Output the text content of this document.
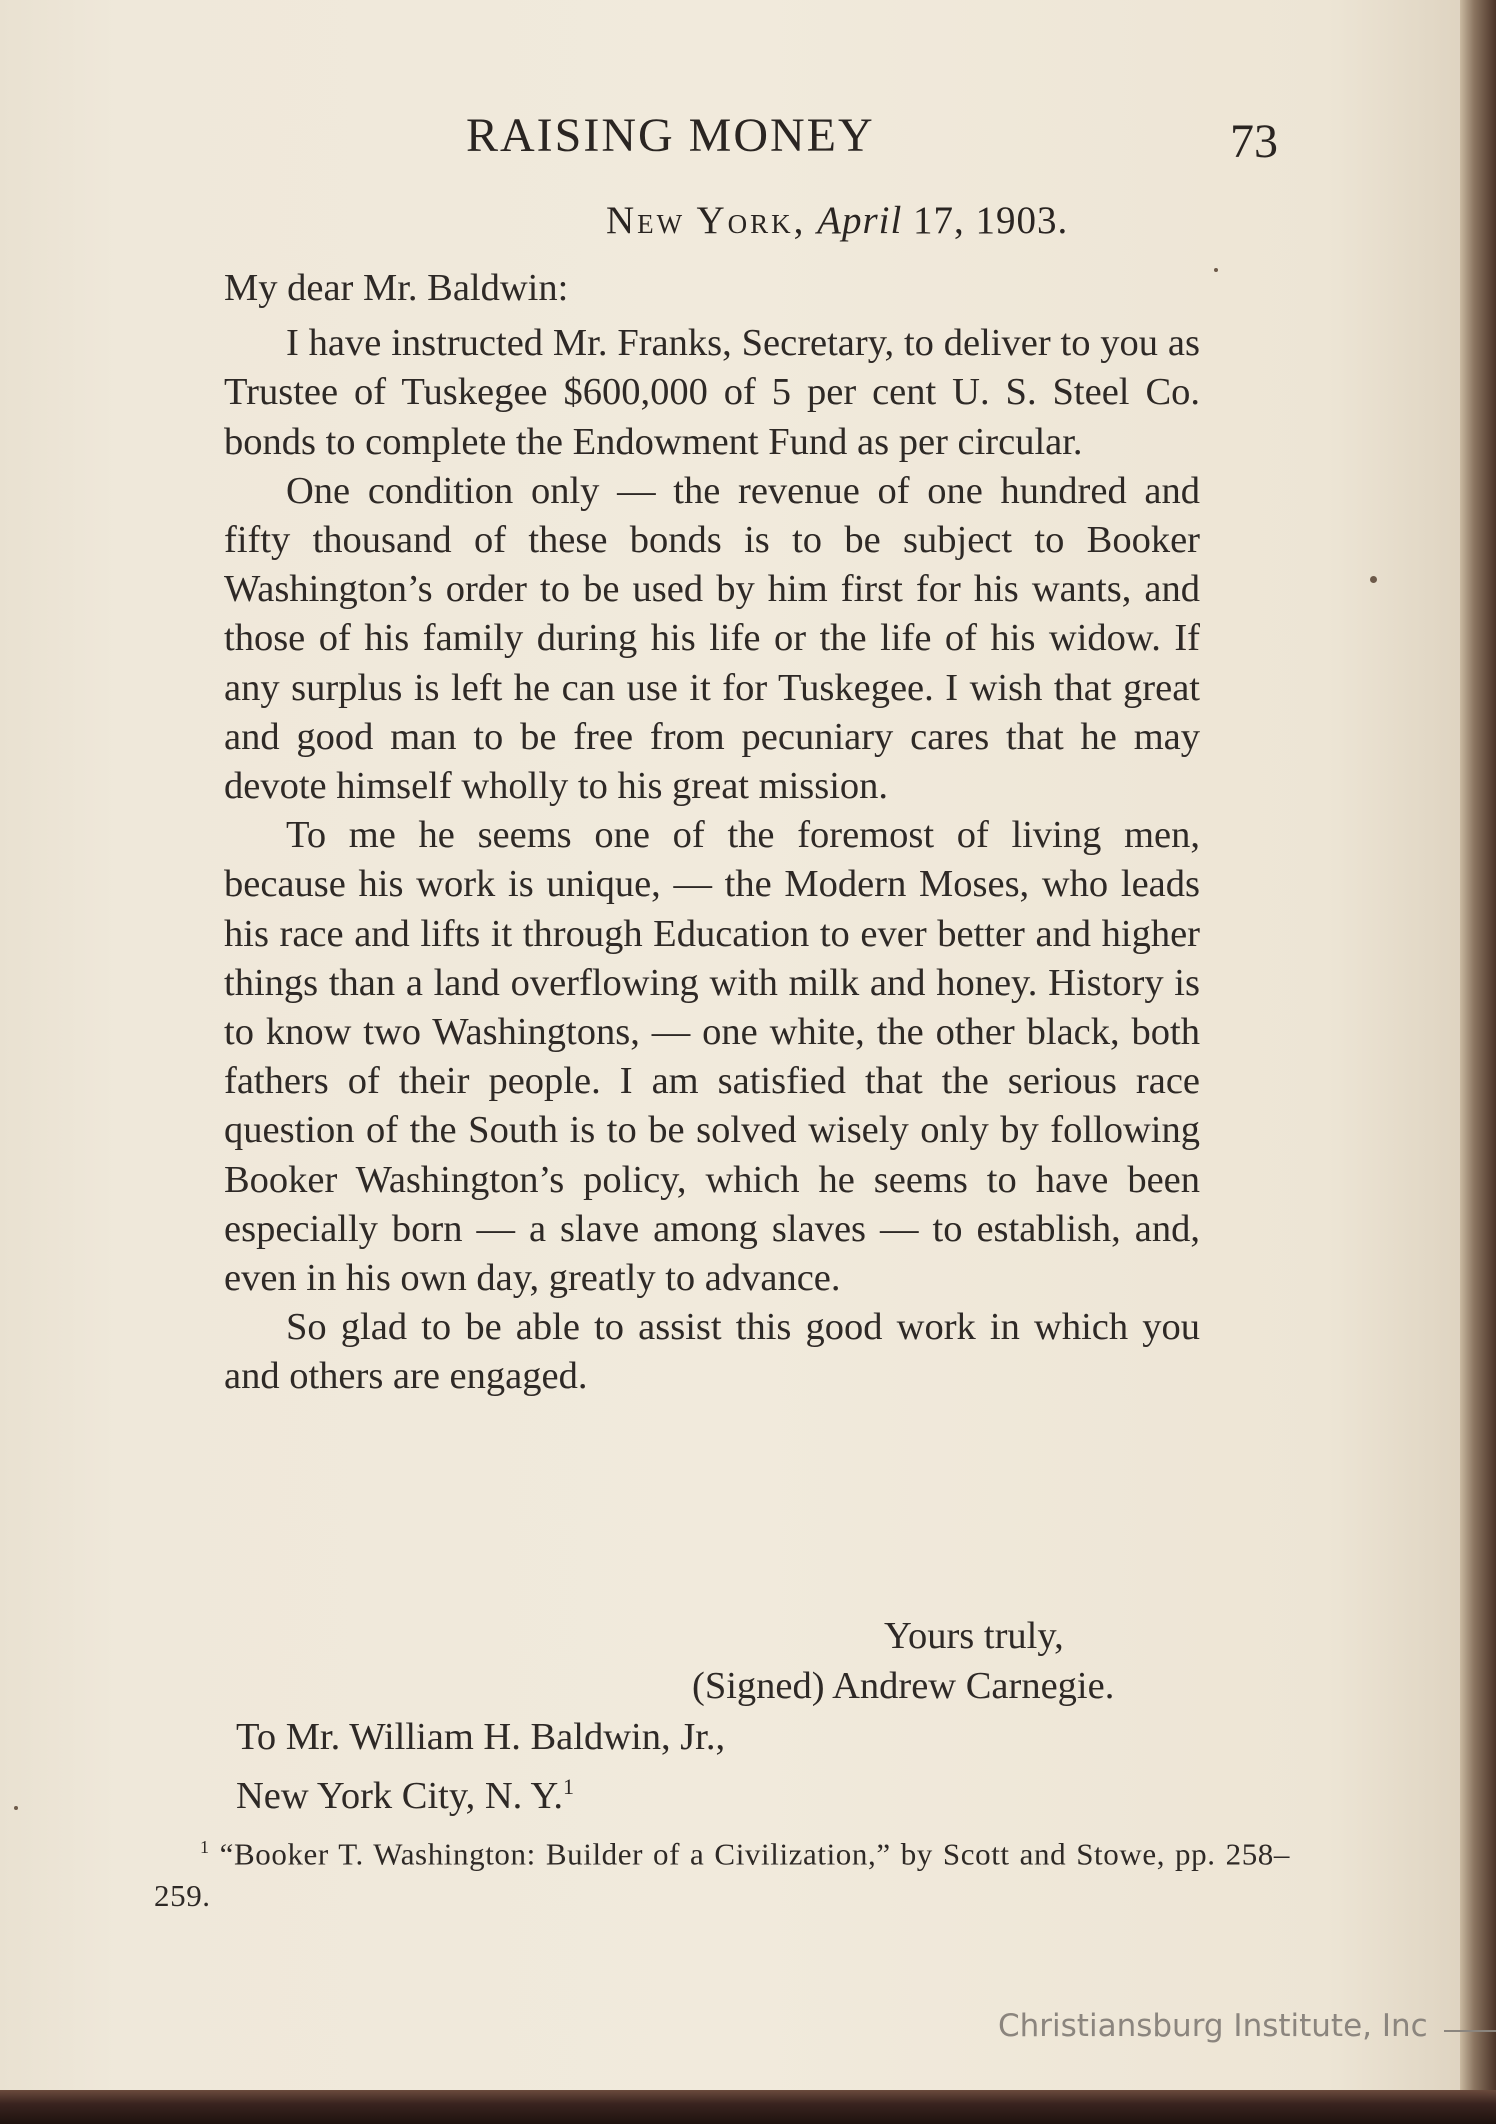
RAISING MONEY	73
New York, April 17, 1903.

My dear Mr. Baldwin:

I have instructed Mr. Franks, Secretary, to deliver to you as Trustee of Tuskegee $600,000 of 5 per cent U. S. Steel Co. bonds to complete the Endowment Fund as per circular.

One condition only — the revenue of one hundred and fifty thousand of these bonds is to be subject to Booker Washington’s order to be used by him first for his wants, and those of his family during his life or the life of his widow. If any surplus is left he can use it for Tuskegee. I wish that great and good man to be free from pecuniary cares that he may devote himself wholly to his great mission.

To me he seems one of the foremost of living men, because his work is unique, — the Modern Moses, who leads his race and lifts it through Education to ever better and higher things than a land overflowing with milk and honey. History is to know two Washingtons, — one white, the other black, both fathers of their people. I am satisfied that the serious race question of the South is to be solved wisely only by following Booker Washington’s policy, which he seems to have been especially born — a slave among slaves — to establish, and, even in his own day, greatly to advance.

So glad to be able to assist this good work in which you and others are engaged.

Yours truly,
(Signed) Andrew Carnegie.
To Mr. William H. Baldwin, Jr.,
New York City, N. Y.$^1$
$^1$ “Booker T. Washington: Builder of a Civilization,” by Scott and Stowe, pp. 258–259.
Christiansburg Institute, Inc
